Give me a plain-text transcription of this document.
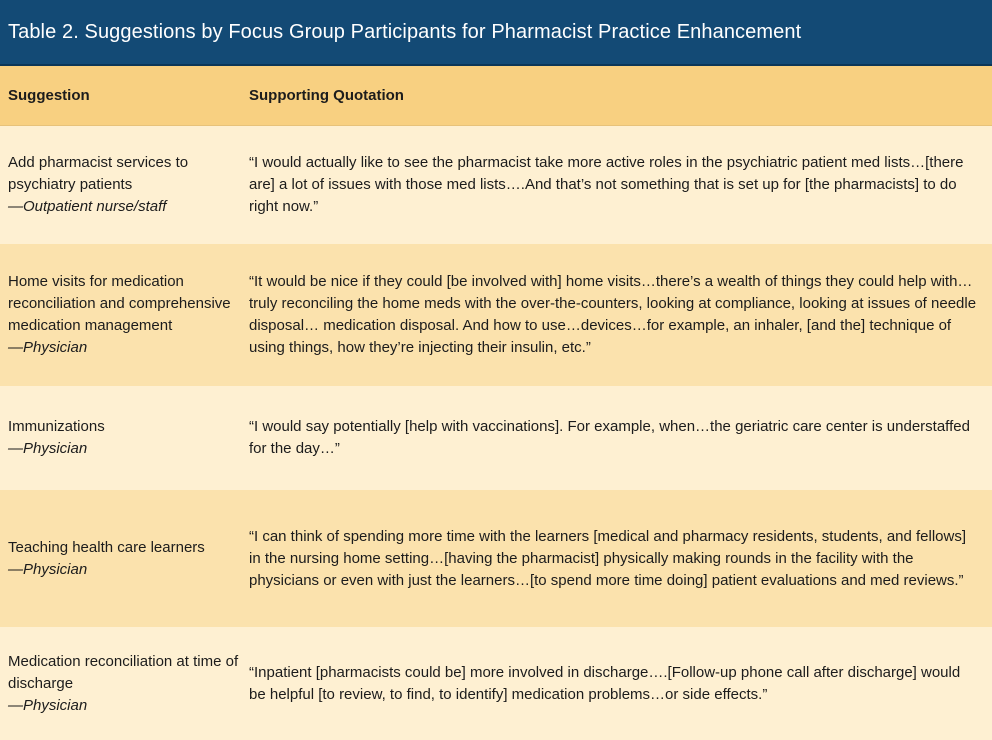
Table 2. Suggestions by Focus Group Participants for Pharmacist Practice Enhancement
Suggestion	Supporting Quotation
Add pharmacist services to psychiatry patients
—Outpatient nurse/staff
“I would actually like to see the pharmacist take more active roles in the psychiatric patient med lists…[there are] a lot of issues with those med lists….And that’s not something that is set up for [the pharmacists] to do right now.”
Home visits for medication reconciliation and comprehensive medication management
—Physician
“It would be nice if they could [be involved with] home visits…there’s a wealth of things they could help with…truly reconciling the home meds with the over-the-counters, looking at compliance, looking at issues of needle disposal… medication disposal. And how to use…devices…for example, an inhaler, [and the] technique of using things, how they’re injecting their insulin, etc.”
Immunizations
—Physician
“I would say potentially [help with vaccinations]. For example, when…the geriatric care center is understaffed for the day…”
Teaching health care learners
—Physician
“I can think of spending more time with the learners [medical and pharmacy residents, students, and fellows] in the nursing home setting…[having the pharmacist] physically making rounds in the facility with the physicians or even with just the learners…[to spend more time doing] patient evaluations and med reviews.”
Medication reconciliation at time of discharge
—Physician
“Inpatient [pharmacists could be] more involved in discharge….[Follow-up phone call after discharge] would be helpful [to review, to find, to identify] medication problems…or side effects.”
